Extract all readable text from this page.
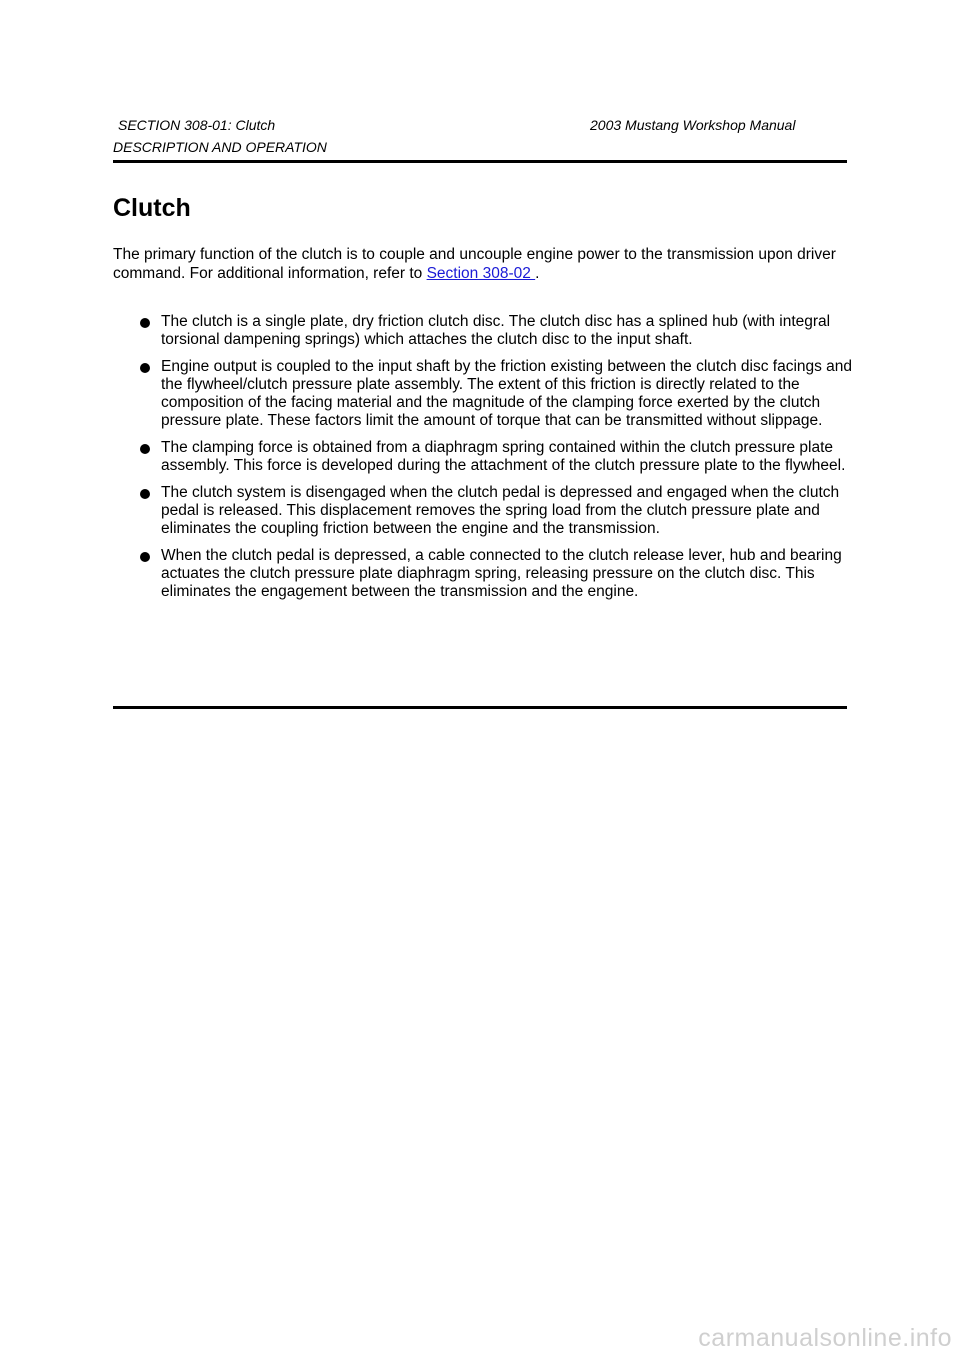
SECTION 308-01: Clutch	2003 Mustang Workshop Manual
DESCRIPTION AND OPERATION
Clutch

The primary function of the clutch is to couple and uncouple engine power to the transmission upon driver command. For additional information, refer to Section 308-02 .

The clutch is a single plate, dry friction clutch disc. The clutch disc has a splined hub (with integral torsional dampening springs) which attaches the clutch disc to the input shaft.
Engine output is coupled to the input shaft by the friction existing between the clutch disc facings and the flywheel/clutch pressure plate assembly. The extent of this friction is directly related to the composition of the facing material and the magnitude of the clamping force exerted by the clutch pressure plate. These factors limit the amount of torque that can be transmitted without slippage.
The clamping force is obtained from a diaphragm spring contained within the clutch pressure plate assembly. This force is developed during the attachment of the clutch pressure plate to the flywheel.
The clutch system is disengaged when the clutch pedal is depressed and engaged when the clutch pedal is released. This displacement removes the spring load from the clutch pressure plate and eliminates the coupling friction between the engine and the transmission.
When the clutch pedal is depressed, a cable connected to the clutch release lever, hub and bearing actuates the clutch pressure plate diaphragm spring, releasing pressure on the clutch disc. This eliminates the engagement between the transmission and the engine.
carmanualsonline.info
